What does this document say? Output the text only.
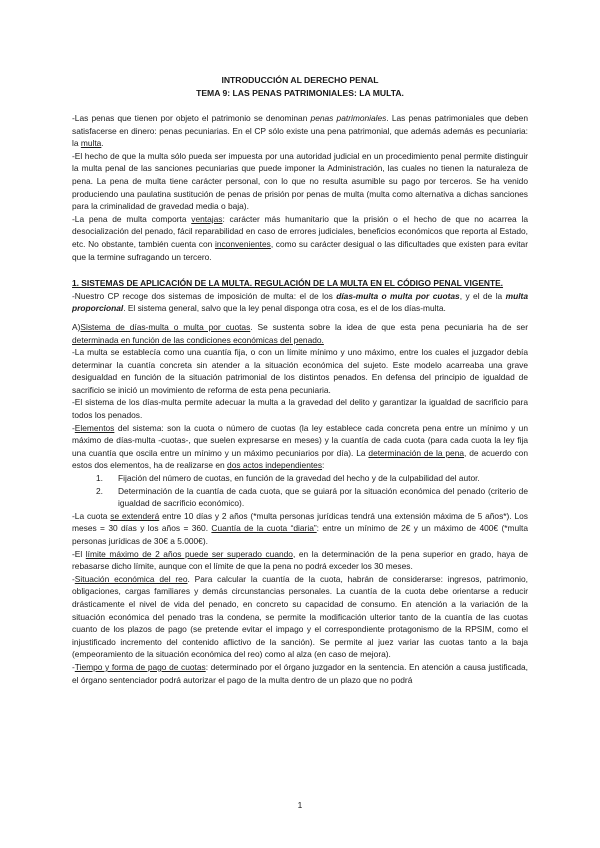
INTRODUCCIÓN AL DERECHO PENAL
TEMA 9: LAS PENAS PATRIMONIALES: LA MULTA.

-Las penas que tienen por objeto el patrimonio se denominan penas patrimoniales. Las penas patrimoniales que deben satisfacerse en dinero: penas pecuniarias. En el CP sólo existe una pena patrimonial, que además además es pecuniaria: la multa.

-El hecho de que la multa sólo pueda ser impuesta por una autoridad judicial en un procedimiento penal permite distinguir la multa penal de las sanciones pecuniarias que puede imponer la Administración, las cuales no tienen la naturaleza de pena. La pena de multa tiene carácter personal, con lo que no resulta asumible su pago por terceros. Se ha venido produciendo una paulatina sustitución de penas de prisión por penas de multa (multa como alternativa a dichas sanciones para la criminalidad de gravedad media o baja).

-La pena de multa comporta ventajas: carácter más humanitario que la prisión o el hecho de que no acarrea la desocialización del penado, fácil reparabilidad en caso de errores judiciales, beneficios económicos que reporta al Estado, etc. No obstante, también cuenta con inconvenientes, como su carácter desigual o las dificultades que existen para evitar que la termine sufragando un tercero.

1. SISTEMAS DE APLICACIÓN DE LA MULTA. REGULACIÓN DE LA MULTA EN EL CÓDIGO PENAL VIGENTE.

-Nuestro CP recoge dos sistemas de imposición de multa: el de los días-multa o multa por cuotas, y el de la multa proporcional. El sistema general, salvo que la ley penal disponga otra cosa, es el de los días-multa.

A)Sistema de días-multa o multa por cuotas. Se sustenta sobre la idea de que esta pena pecuniaria ha de ser determinada en función de las condiciones económicas del penado.

-La multa se establecía como una cuantía fija, o con un límite mínimo y uno máximo, entre los cuales el juzgador debía determinar la cuantía concreta sin atender a la situación económica del sujeto. Este modelo acarreaba una grave desigualdad en función de la situación patrimonial de los distintos penados. En defensa del principio de igualdad de sacrificio se inició un movimiento de reforma de esta pena pecuniaria.

-El sistema de los días-multa permite adecuar la multa a la gravedad del delito y garantizar la igualdad de sacrificio para todos los penados.

-Elementos del sistema: son la cuota o número de cuotas (la ley establece cada concreta pena entre un mínimo y un máximo de días-multa -cuotas-, que suelen expresarse en meses) y la cuantía de cada cuota (para cada cuota la ley fija una cuantía que oscila entre un mínimo y un máximo pecuniarios por día). La determinación de la pena, de acuerdo con estos dos elementos, ha de realizarse en dos actos independientes:

1.	Fijación del número de cuotas, en función de la gravedad del hecho y de la culpabilidad del autor.
2.	Determinación de la cuantía de cada cuota, que se guiará por la situación económica del penado (criterio de igualdad de sacrificio económico).

-La cuota se extenderá entre 10 días y 2 años (*multa personas jurídicas tendrá una extensión máxima de 5 años*). Los meses = 30 días y los años = 360. Cuantía de la cuota “diaria”: entre un mínimo de 2€ y un máximo de 400€ (*multa personas jurídicas de 30€ a 5.000€).

-El límite máximo de 2 años puede ser superado cuando, en la determinación de la pena superior en grado, haya de rebasarse dicho límite, aunque con el límite de que la pena no podrá exceder los 30 meses.

-Situación económica del reo. Para calcular la cuantía de la cuota, habrán de considerarse: ingresos, patrimonio, obligaciones, cargas familiares y demás circunstancias personales. La cuantía de la cuota debe orientarse a reducir drásticamente el nivel de vida del penado, en concreto su capacidad de consumo. En atención a la variación de la situación económica del penado tras la condena, se permite la modificación ulterior tanto de la cuantía de las cuotas cuanto de los plazos de pago (se pretende evitar el impago y el correspondiente protagonismo de la RPSIM, como el injustificado incremento del contenido aflictivo de la sanción). Se permite al juez variar las cuotas tanto a la baja (empeoramiento de la situación económica del reo) como al alza (en caso de mejora).

-Tiempo y forma de pago de cuotas: determinado por el órgano juzgador en la sentencia. En atención a causa justificada, el órgano sentenciador podrá autorizar el pago de la multa dentro de un plazo que no podrá

1
